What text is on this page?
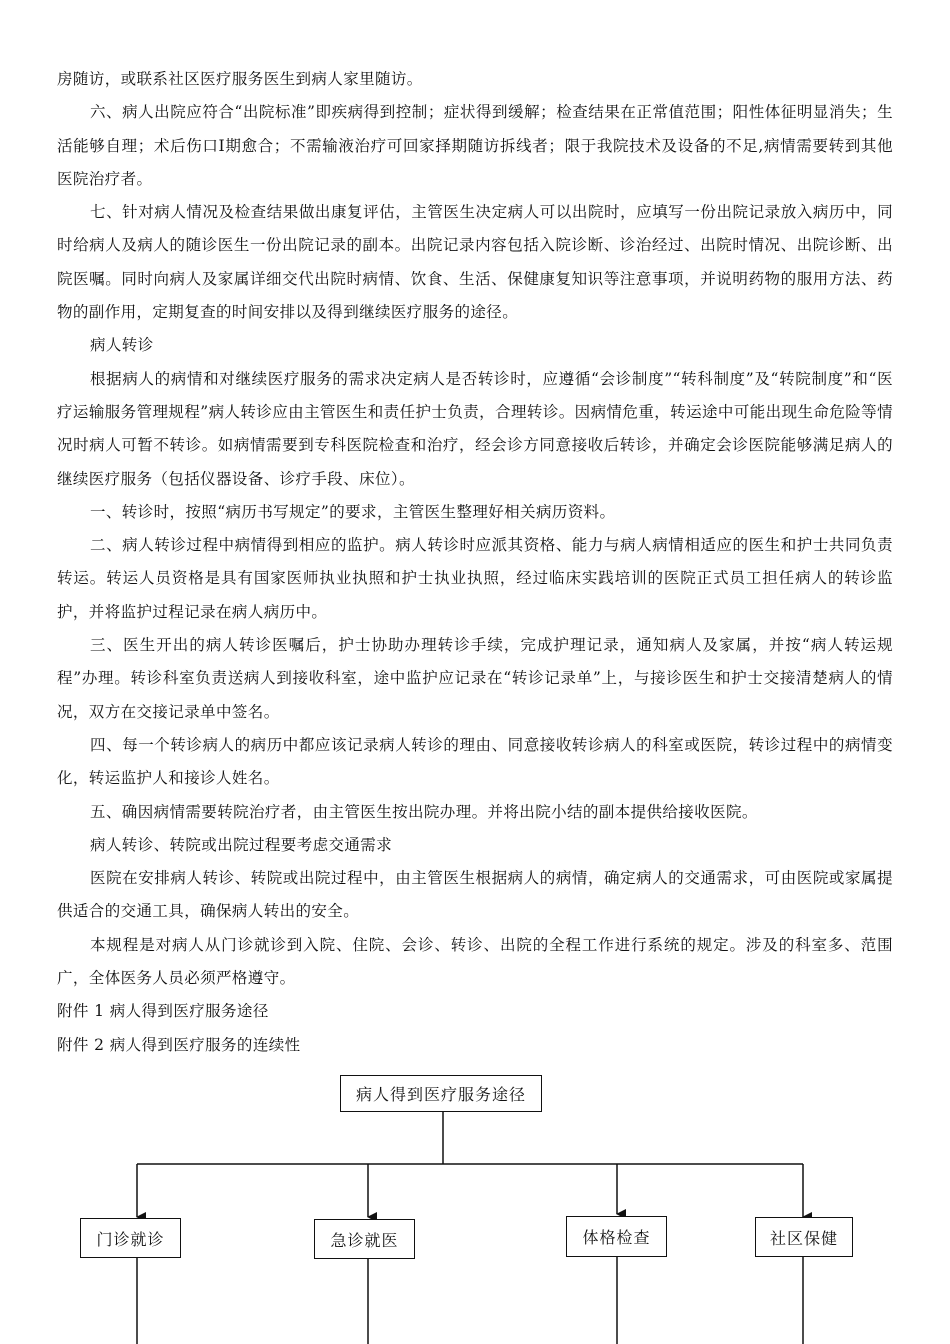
房随访，或联系社区医疗服务医生到病人家里随访。

六、病人出院应符合“出院标准”即疾病得到控制；症状得到缓解；检查结果在正常值范围；阳性体征明显消失；生活能够自理；术后伤口Ⅰ期愈合；不需输液治疗可回家择期随访拆线者；限于我院技术及设备的不足,病情需要转到其他医院治疗者。

七、针对病人情况及检查结果做出康复评估，主管医生决定病人可以出院时，应填写一份出院记录放入病历中，同时给病人及病人的随诊医生一份出院记录的副本。出院记录内容包括入院诊断、诊治经过、出院时情况、出院诊断、出院医嘱。同时向病人及家属详细交代出院时病情、饮食、生活、保健康复知识等注意事项，并说明药物的服用方法、药物的副作用，定期复查的时间安排以及得到继续医疗服务的途径。

病人转诊

根据病人的病情和对继续医疗服务的需求决定病人是否转诊时，应遵循“会诊制度”“转科制度”及“转院制度”和“医疗运输服务管理规程”病人转诊应由主管医生和责任护士负责，合理转诊。因病情危重，转运途中可能出现生命危险等情况时病人可暂不转诊。如病情需要到专科医院检查和治疗，经会诊方同意接收后转诊，并确定会诊医院能够满足病人的继续医疗服务（包括仪器设备、诊疗手段、床位）。

一、转诊时，按照“病历书写规定”的要求，主管医生整理好相关病历资料。

二、病人转诊过程中病情得到相应的监护。病人转诊时应派其资格、能力与病人病情相适应的医生和护士共同负责转运。转运人员资格是具有国家医师执业执照和护士执业执照，经过临床实践培训的医院正式员工担任病人的转诊监护，并将监护过程记录在病人病历中。

三、医生开出的病人转诊医嘱后，护士协助办理转诊手续，完成护理记录，通知病人及家属，并按“病人转运规程”办理。转诊科室负责送病人到接收科室，途中监护应记录在“转诊记录单”上，与接诊医生和护士交接清楚病人的情况，双方在交接记录单中签名。

四、每一个转诊病人的病历中都应该记录病人转诊的理由、同意接收转诊病人的科室或医院，转诊过程中的病情变化，转运监护人和接诊人姓名。

五、确因病情需要转院治疗者，由主管医生按出院办理。并将出院小结的副本提供给接收医院。

病人转诊、转院或出院过程要考虑交通需求

医院在安排病人转诊、转院或出院过程中，由主管医生根据病人的病情，确定病人的交通需求，可由医院或家属提供适合的交通工具，确保病人转出的安全。

本规程是对病人从门诊就诊到入院、住院、会诊、转诊、出院的全程工作进行系统的规定。涉及的科室多、范围广，全体医务人员必须严格遵守。

附件 1 病人得到医疗服务途径

附件 2 病人得到医疗服务的连续性

病人得到医疗服务途径
门诊就诊	急诊就医	体格检查	社区保健
